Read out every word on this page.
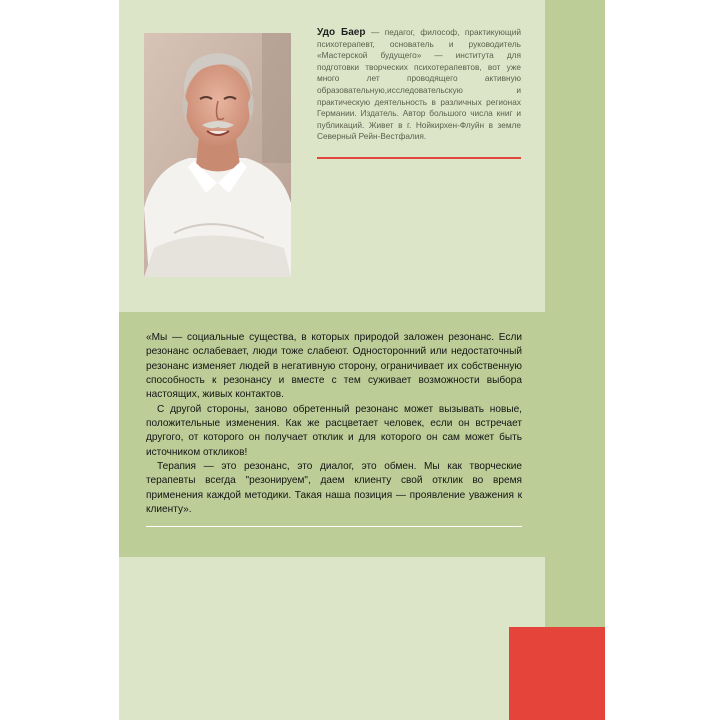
Удо Баер — педагог, философ, практикующий психотерапевт, основатель и руководитель «Мастерской будущего» — института для подготовки творческих психотерапевтов, вот уже много лет проводящего активную образовательную,исследовательскую и практическую деятельность в различных регионах Германии. Издатель. Автор большого числа книг и публикаций. Живет в г. Нойкирхен-Флуйн в земле Северный Рейн-Вестфалия.

«Мы — социальные существа, в которых природой заложен резонанс. Если резонанс ослабевает, люди тоже слабеют. Односторонний или недостаточный резонанс изменяет людей в негативную сторону, ограничивает их собственную способность к резонансу и вместе с тем суживает возможности выбора настоящих, живых контактов.

С другой стороны, заново обретенный резонанс может вызывать новые, положительные изменения. Как же расцветает человек, если он встречает другого, от которого он получает отклик и для которого он сам может быть источником откликов!

Терапия — это резонанс, это диалог, это обмен. Мы как творческие терапевты всегда "резонируем", даем клиенту свой отклик во время применения каждой методики. Такая наша позиция — проявление уважения к клиенту».
